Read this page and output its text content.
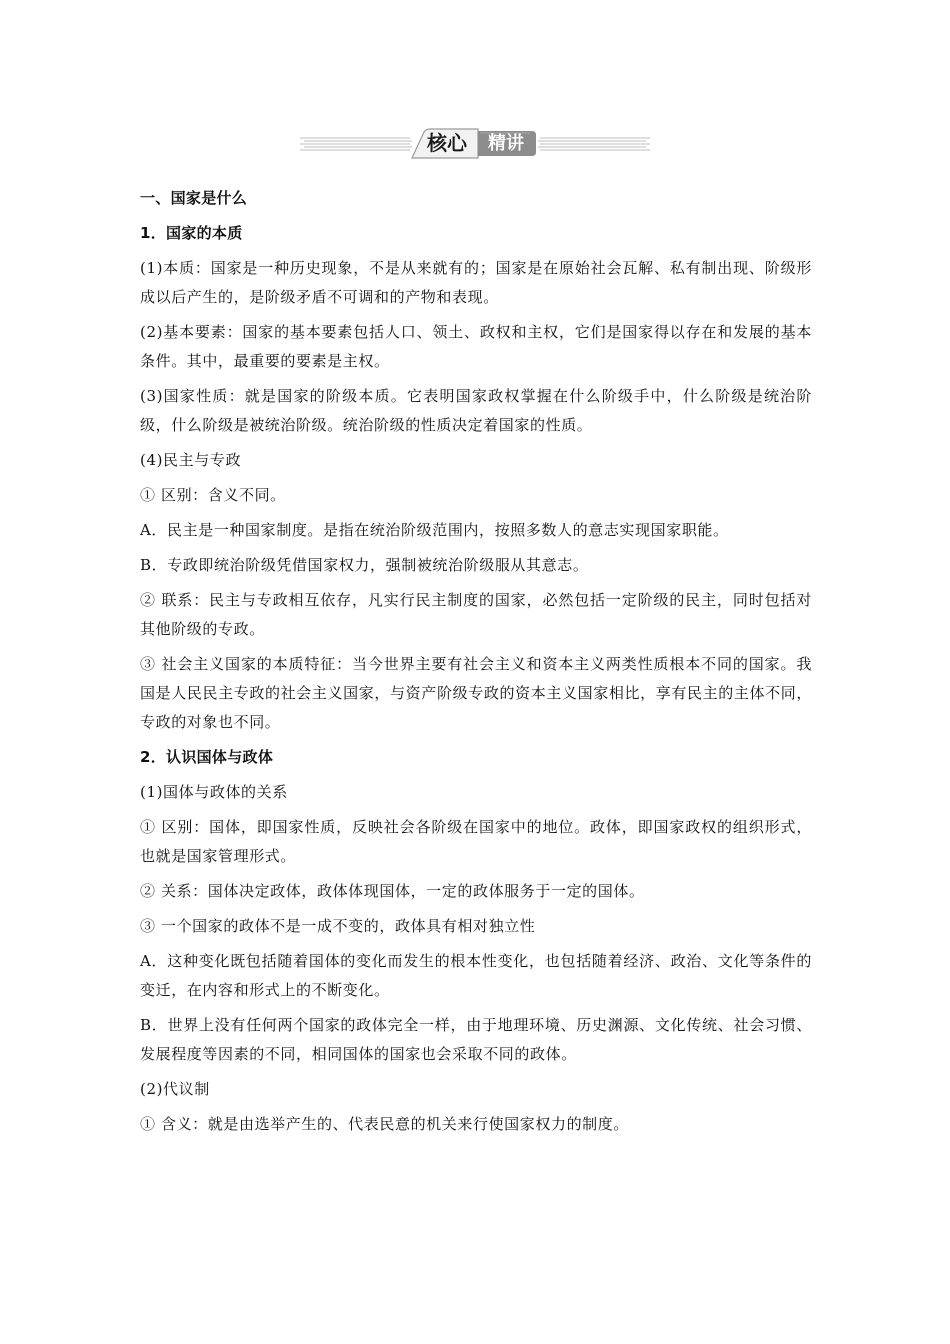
核心	精讲

一、国家是什么

1．国家的本质

(1)本质：国家是一种历史现象，不是从来就有的；国家是在原始社会瓦解、私有制出现、阶级形成以后产生的，是阶级矛盾不可调和的产物和表现。

(2)基本要素：国家的基本要素包括人口、领土、政权和主权，它们是国家得以存在和发展的基本条件。其中，最重要的要素是主权。

(3)国家性质：就是国家的阶级本质。它表明国家政权掌握在什么阶级手中，什么阶级是统治阶级，什么阶级是被统治阶级。统治阶级的性质决定着国家的性质。

(4)民主与专政

① 区别：含义不同。

A．民主是一种国家制度。是指在统治阶级范围内，按照多数人的意志实现国家职能。

B．专政即统治阶级凭借国家权力，强制被统治阶级服从其意志。

② 联系：民主与专政相互依存，凡实行民主制度的国家，必然包括一定阶级的民主，同时包括对其他阶级的专政。

③ 社会主义国家的本质特征：当今世界主要有社会主义和资本主义两类性质根本不同的国家。我国是人民民主专政的社会主义国家，与资产阶级专政的资本主义国家相比，享有民主的主体不同，专政的对象也不同。

2．认识国体与政体

(1)国体与政体的关系

① 区别：国体，即国家性质，反映社会各阶级在国家中的地位。政体，即国家政权的组织形式，也就是国家管理形式。

② 关系：国体决定政体，政体体现国体，一定的政体服务于一定的国体。

③ 一个国家的政体不是一成不变的，政体具有相对独立性

A．这种变化既包括随着国体的变化而发生的根本性变化，也包括随着经济、政治、文化等条件的变迁，在内容和形式上的不断变化。

B．世界上没有任何两个国家的政体完全一样，由于地理环境、历史渊源、文化传统、社会习惯、发展程度等因素的不同，相同国体的国家也会采取不同的政体。

(2)代议制

① 含义：就是由选举产生的、代表民意的机关来行使国家权力的制度。
